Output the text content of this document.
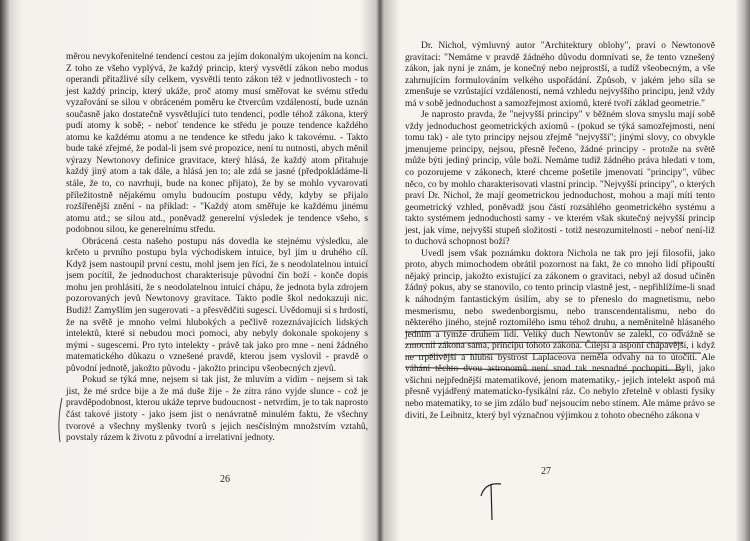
měrou nevykořenitelné tendencí cestou za jejím dokonalým ukojením na konci. Z toho ze všeho vyplývá, že každý princip, který vysvětlí zákon nebo modus operandi přitažlivé síly celkem, vysvětlí tento zákon též v jednotlivostech - to jest každý princip, který ukáže, proč atomy musí směřovat ke svému středu vyzařování se silou v obráceném poměru ke čtvercům vzdáleností, bude uznán současně jako dostatečně vysvětlující tuto tendenci, podle téhož zákona, který pudí atomy k sobě; - neboť tendence ke středu je pouze tendence každého atomu ke každému atomu a ne tendence ke středu jako k takovému. - Takto bude také zřejmé, že podal-li jsem své propozice, není tu nutnosti, abych měnil výrazy Newtonovy definice gravitace, který hlásá, že každý atom přitahuje každý jiný atom a tak dále, a hlásá jen to; ale zdá se jasné (předpokládáme-li stále, že to, co navrhuji, bude na konec přijato), že by se mohlo vyvarovati příležitostně nějakému omylu budoucím postupu vědy, kdyby se přijalo rozšířenější znění - na příklad: - "Každý atom směřuje ke každému jinému atomu atd.; se silou atd., poněvadž generelní výsledek je tendence všeho, s podobnou silou, ke generelnímu středu.

Obrácená cesta našeho postupu nás dovedla ke stejnému výsledku, ale krčeto u prvního postupu byla východiskem intuice, byl jím u druhého cíl. Když jsem nastoupil první cestu, mohl jsem jen říci, že s neodolatelnou intuicí jsem pocítil, že jednoduchost charakterisuje původní čin boží - konče dopis mohu jen prohlásiti, že s neodolatelnou intuicí chápu, že jednota byla zdrojem pozorovaných jevů Newtonovy gravitace. Takto podle škol nedokazuji nic. Budiž! Zamyšlím jen sugerovati - a přesvědčiti sugescí. Uvědomuji si s hrdostí, že na světě je mnoho velmi hlubokých a pečlivě rozeznávajících lidských intelektů, které si nebudou moci pomoci, aby nebyly dokonale spokojeny s mými - sugescemi. Pro tyto intelekty - právě tak jako pro mne - není žádného matematického důkazu o vznešené pravdě, kterou jsem vyslovil - pravdě o původní jednotě, jakožto původu - jakožto principu všeobecných zjevů.

Pokud se týká mne, nejsem si tak jist, že mluvím a vidím - nejsem si tak jist, že mé srdce bije a že má duše žije - že zítra ráno vyjde slunce - což je pravděpodobnost, kterou ukáže teprve budoucnost - netvrdím, je to tak naprosto část takové jistoty - jako jsem jist o nenávratně minulém faktu, že všechny tvorové a všechny myšlenky tvorů s jejich nesčíslným množstvím vztahů, povstaly rázem k životu z původní a irrelativní jednoty.

26

Dr. Nichol, výmluvný autor "Architektury oblohy", praví o Newtonově gravitaci: "Nemáme v pravdě žádného důvodu domnívati se, že tento vznešený zákon, jak nyní je znám, je konečný nebo nejprostší, a tudíž všeobecným, a vše zahrnujícím formulováním velkého uspořádání. Způsob, v jakém jeho síla se zmenšuje se vzrůstající vzdáleností, nemá vzhledu nejvyššího principu, jenž vždy má v sobě jednoduchost a samozřejmost axiomů, které tvoří základ geometrie."

Je naprosto pravda, že "nejvyšší principy" v běžném slova smyslu mají sobě vždy jednoduchost geometrických axiomů - (pokud se týká samozřejmosti, není tomu tak) - ale tyto principy nejsou zřejmě "nejvyšší"; jinými slovy, co obvykle jmenujeme principy, nejsou, přesně řečeno, žádné principy - protože na světě může býti jediný princip, vůle boží. Nemáme tudíž žádného práva hledati v tom, co pozorujeme v zákonech, které chceme pošetile jmenovati "principy", vůbec něco, co by mohlo charakterisovati vlastní princip. "Nejvyšší principy", o kterých praví Dr. Nichol, že mají geometrickou jednoduchost, mohou a mají míti tento geometrický vzhled, poněvadž jsou částí rozsáhlého geometrického systému a takto systémem jednoduchosti samy - ve kterém však skutečný nejvyšší princip jest, jak víme, nejvyšší stupeň složitosti - totiž nesrozumitelnosti - neboť není-liž to duchová schopnost boží?

Uvedl jsem však poznámku doktora Nichola ne tak pro její filosofii, jako proto, abych mimochodem obrátil pozornost na fakt, že co mnoho lidí připouští nějaký princip, jakožto existující za zákonem o gravitaci, nebyl až dosud učiněn žádný pokus, aby se stanovilo, co tento princip vlastně jest, - nepřihlížíme-li snad k náhodným fantastickým úsilím, aby se to přeneslo do magnetismu, nebo mesmerismu, nebo swedenborgismu, nebo transcendentalismu, nebo do některého jiného, stejně roztomilého ismu téhož druhu, a neměnitelně hlásaného jedním a týmže druhem lidí. Veliký duch Newtonův se zalekl, co odvážně se zmocnil zákona sama, principu tohoto zákona. Čilejší a asponí chápavější, i když ne trpělivější a hlubší bystrost Laplaceova neměla odvahy na to útočiti. Ale váhání těchto dvou astronomů není snad tak nesnadné pochopiti. Byli, jako všichni nejpřednější matematikové, jenom matematiky,- jejich intelekt aspoň má přesně vyjádřený matematicko-fysikální ráz. Co nebylo zřetelně v oblasti fysiky nebo matematiky, to se jim zdálo buď nejsoucím nebo stínem. Ale máme právo se diviti, že Leibnitz, který byl význačnou výjimkou z tohoto obecného zákona v

27
